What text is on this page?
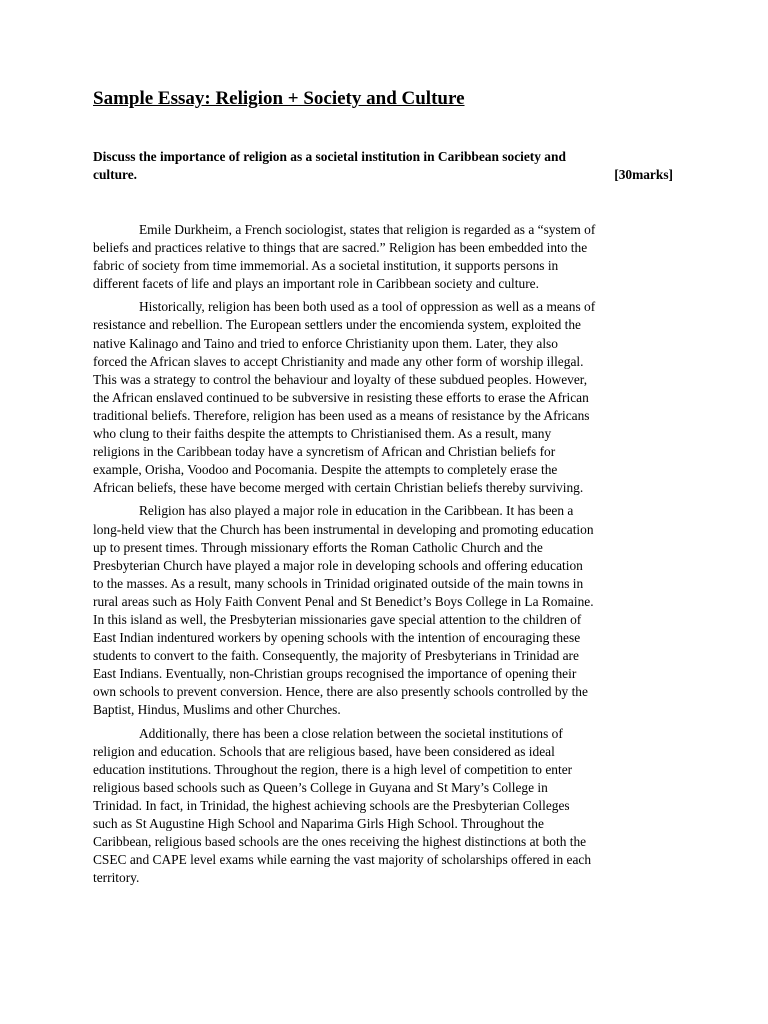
Sample Essay: Religion + Society and Culture
Discuss the importance of religion as a societal institution in Caribbean society and
culture.	[30marks]

Emile Durkheim, a French sociologist, states that religion is regarded as a “system of
beliefs and practices relative to things that are sacred.” Religion has been embedded into the
fabric of society from time immemorial. As a societal institution, it supports persons in
different facets of life and plays an important role in Caribbean society and culture.

Historically, religion has been both used as a tool of oppression as well as a means of
resistance and rebellion. The European settlers under the encomienda system, exploited the
native Kalinago and Taino and tried to enforce Christianity upon them. Later, they also
forced the African slaves to accept Christianity and made any other form of worship illegal.
This was a strategy to control the behaviour and loyalty of these subdued peoples. However,
the African enslaved continued to be subversive in resisting these efforts to erase the African
traditional beliefs. Therefore, religion has been used as a means of resistance by the Africans
who clung to their faiths despite the attempts to Christianised them. As a result, many
religions in the Caribbean today have a syncretism of African and Christian beliefs for
example, Orisha, Voodoo and Pocomania. Despite the attempts to completely erase the
African beliefs, these have become merged with certain Christian beliefs thereby surviving.

Religion has also played a major role in education in the Caribbean. It has been a
long-held view that the Church has been instrumental in developing and promoting education
up to present times. Through missionary efforts the Roman Catholic Church and the
Presbyterian Church have played a major role in developing schools and offering education
to the masses. As a result, many schools in Trinidad originated outside of the main towns in
rural areas such as Holy Faith Convent Penal and St Benedict’s Boys College in La Romaine.
In this island as well, the Presbyterian missionaries gave special attention to the children of
East Indian indentured workers by opening schools with the intention of encouraging these
students to convert to the faith. Consequently, the majority of Presbyterians in Trinidad are
East Indians. Eventually, non-Christian groups recognised the importance of opening their
own schools to prevent conversion. Hence, there are also presently schools controlled by the
Baptist, Hindus, Muslims and other Churches.

Additionally, there has been a close relation between the societal institutions of
religion and education. Schools that are religious based, have been considered as ideal
education institutions. Throughout the region, there is a high level of competition to enter
religious based schools such as Queen’s College in Guyana and St Mary’s College in
Trinidad. In fact, in Trinidad, the highest achieving schools are the Presbyterian Colleges
such as St Augustine High School and Naparima Girls High School. Throughout the
Caribbean, religious based schools are the ones receiving the highest distinctions at both the
CSEC and CAPE level exams while earning the vast majority of scholarships offered in each
territory.
